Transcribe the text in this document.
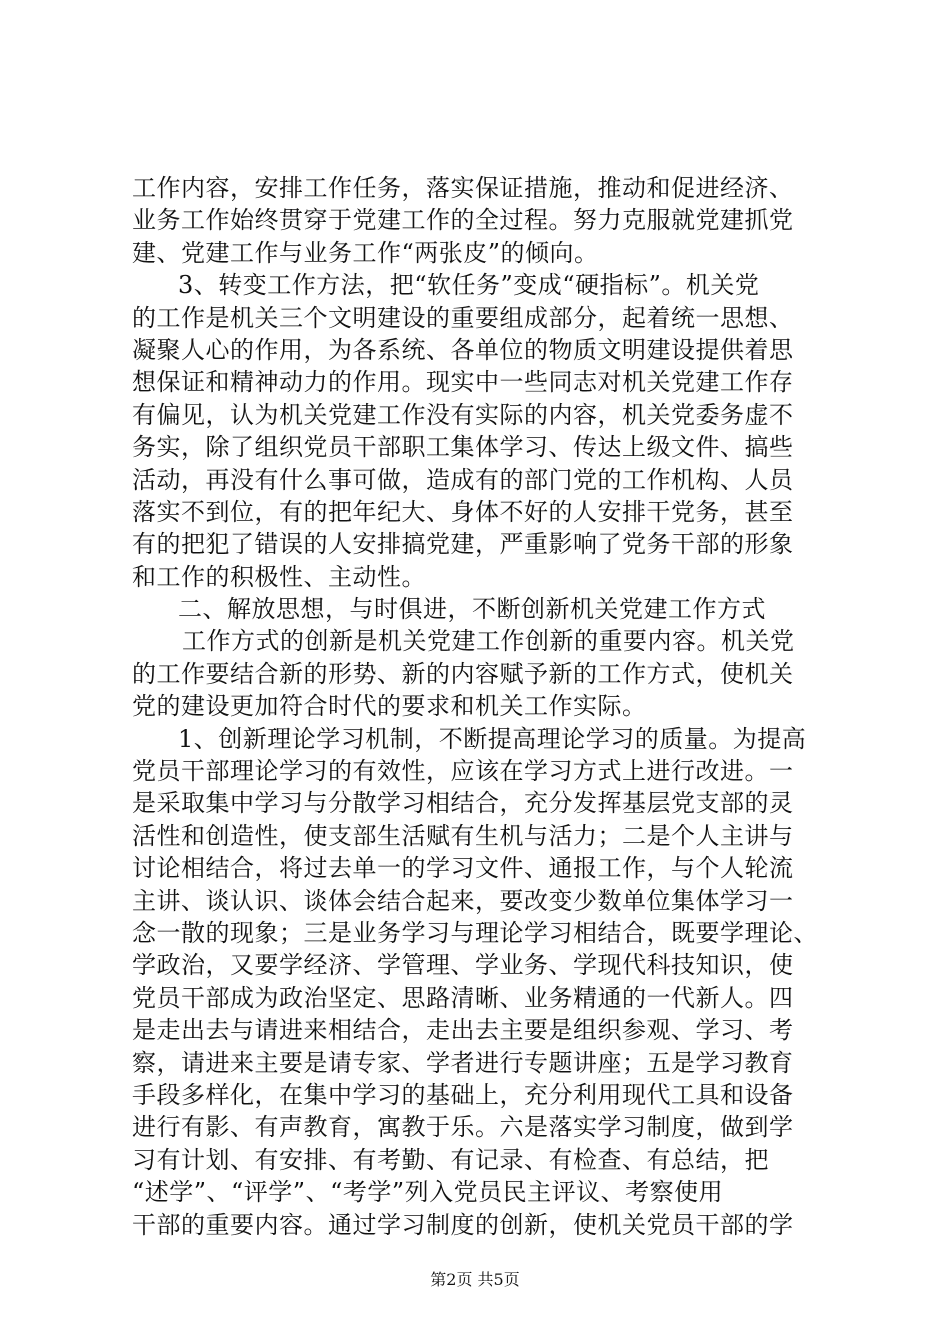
工作内容，安排工作任务，落实保证措施，推动和促进经济、
业务工作始终贯穿于党建工作的全过程。努力克服就党建抓党
建、党建工作与业务工作“两张皮”的倾向。
3、转变工作方法，把“软任务”变成“硬指标”。机关党
的工作是机关三个文明建设的重要组成部分，起着统一思想、
凝聚人心的作用，为各系统、各单位的物质文明建设提供着思
想保证和精神动力的作用。现实中一些同志对机关党建工作存
有偏见，认为机关党建工作没有实际的内容，机关党委务虚不
务实，除了组织党员干部职工集体学习、传达上级文件、搞些
活动，再没有什么事可做，造成有的部门党的工作机构、人员
落实不到位，有的把年纪大、身体不好的人安排干党务，甚至
有的把犯了错误的人安排搞党建，严重影响了党务干部的形象
和工作的积极性、主动性。
二、解放思想，与时俱进，不断创新机关党建工作方式
工作方式的创新是机关党建工作创新的重要内容。机关党
的工作要结合新的形势、新的内容赋予新的工作方式，使机关
党的建设更加符合时代的要求和机关工作实际。
1、创新理论学习机制，不断提高理论学习的质量。为提高
党员干部理论学习的有效性，应该在学习方式上进行改进。一
是采取集中学习与分散学习相结合，充分发挥基层党支部的灵
活性和创造性，使支部生活赋有生机与活力；二是个人主讲与
讨论相结合，将过去单一的学习文件、通报工作，与个人轮流
主讲、谈认识、谈体会结合起来，要改变少数单位集体学习一
念一散的现象；三是业务学习与理论学习相结合，既要学理论、
学政治，又要学经济、学管理、学业务、学现代科技知识，使
党员干部成为政治坚定、思路清晰、业务精通的一代新人。四
是走出去与请进来相结合，走出去主要是组织参观、学习、考
察，请进来主要是请专家、学者进行专题讲座；五是学习教育
手段多样化，在集中学习的基础上，充分利用现代工具和设备
进行有影、有声教育，寓教于乐。六是落实学习制度，做到学
习有计划、有安排、有考勤、有记录、有检查、有总结，把
“述学”、“评学”、“考学”列入党员民主评议、考察使用
干部的重要内容。通过学习制度的创新，使机关党员干部的学
第2页 共5页
